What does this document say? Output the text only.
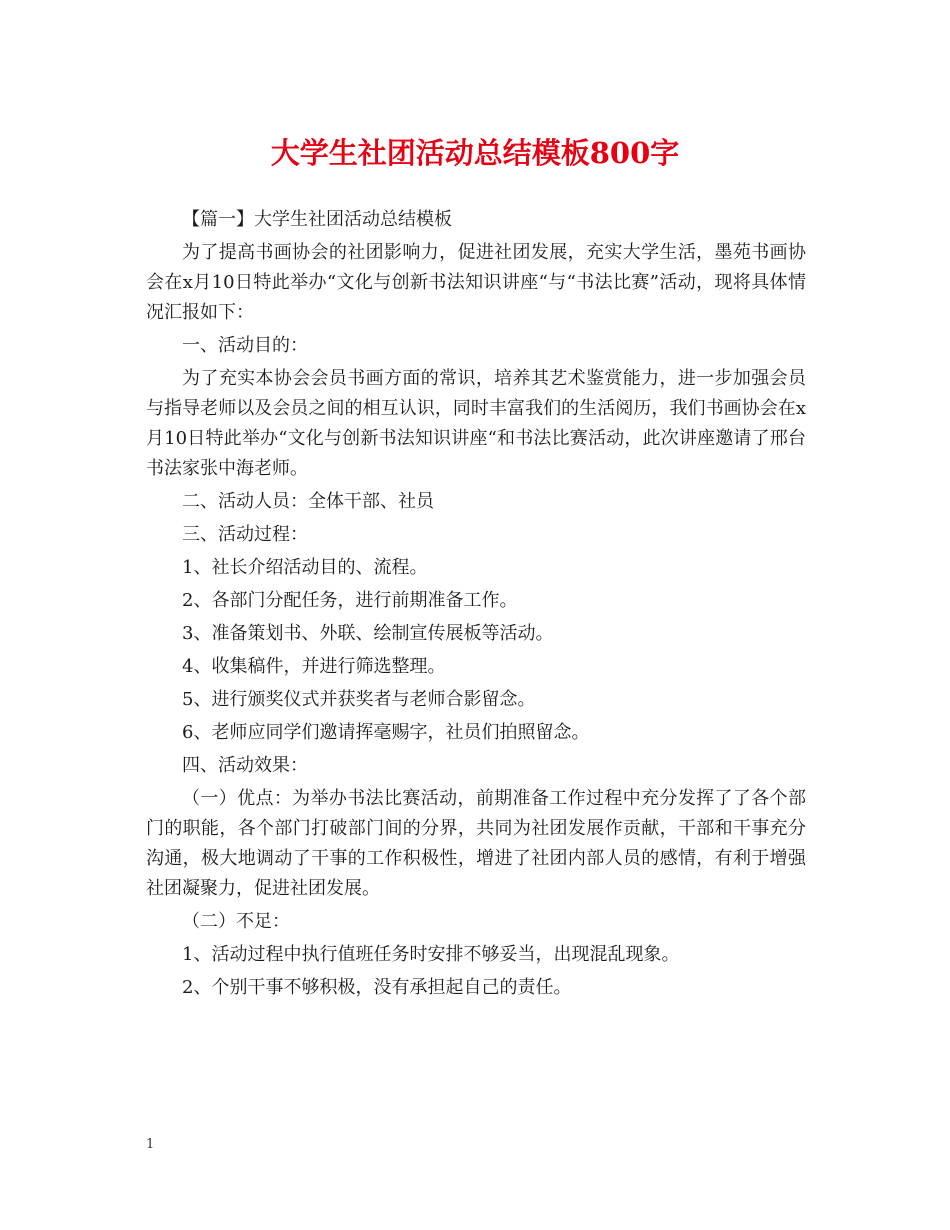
大学生社团活动总结模板800字

【篇一】大学生社团活动总结模板

为了提高书画协会的社团影响力，促进社团发展，充实大学生活，墨苑书画协会在x月10日特此举办“文化与创新书法知识讲座“与“书法比赛”活动，现将具体情况汇报如下：

一、活动目的：

为了充实本协会会员书画方面的常识，培养其艺术鉴赏能力，进一步加强会员与指导老师以及会员之间的相互认识，同时丰富我们的生活阅历，我们书画协会在x月10日特此举办“文化与创新书法知识讲座“和书法比赛活动，此次讲座邀请了邢台书法家张中海老师。

二、活动人员：全体干部、社员

三、活动过程：

1、社长介绍活动目的、流程。

2、各部门分配任务，进行前期准备工作。

3、准备策划书、外联、绘制宣传展板等活动。

4、收集稿件，并进行筛选整理。

5、进行颁奖仪式并获奖者与老师合影留念。

6、老师应同学们邀请挥毫赐字，社员们拍照留念。

四、活动效果：

（一）优点：为举办书法比赛活动，前期准备工作过程中充分发挥了了各个部门的职能，各个部门打破部门间的分界，共同为社团发展作贡献，干部和干事充分沟通，极大地调动了干事的工作积极性，增进了社团内部人员的感情，有利于增强社团凝聚力，促进社团发展。

（二）不足：

1、活动过程中执行值班任务时安排不够妥当，出现混乱现象。

2、个别干事不够积极，没有承担起自己的责任。

1
